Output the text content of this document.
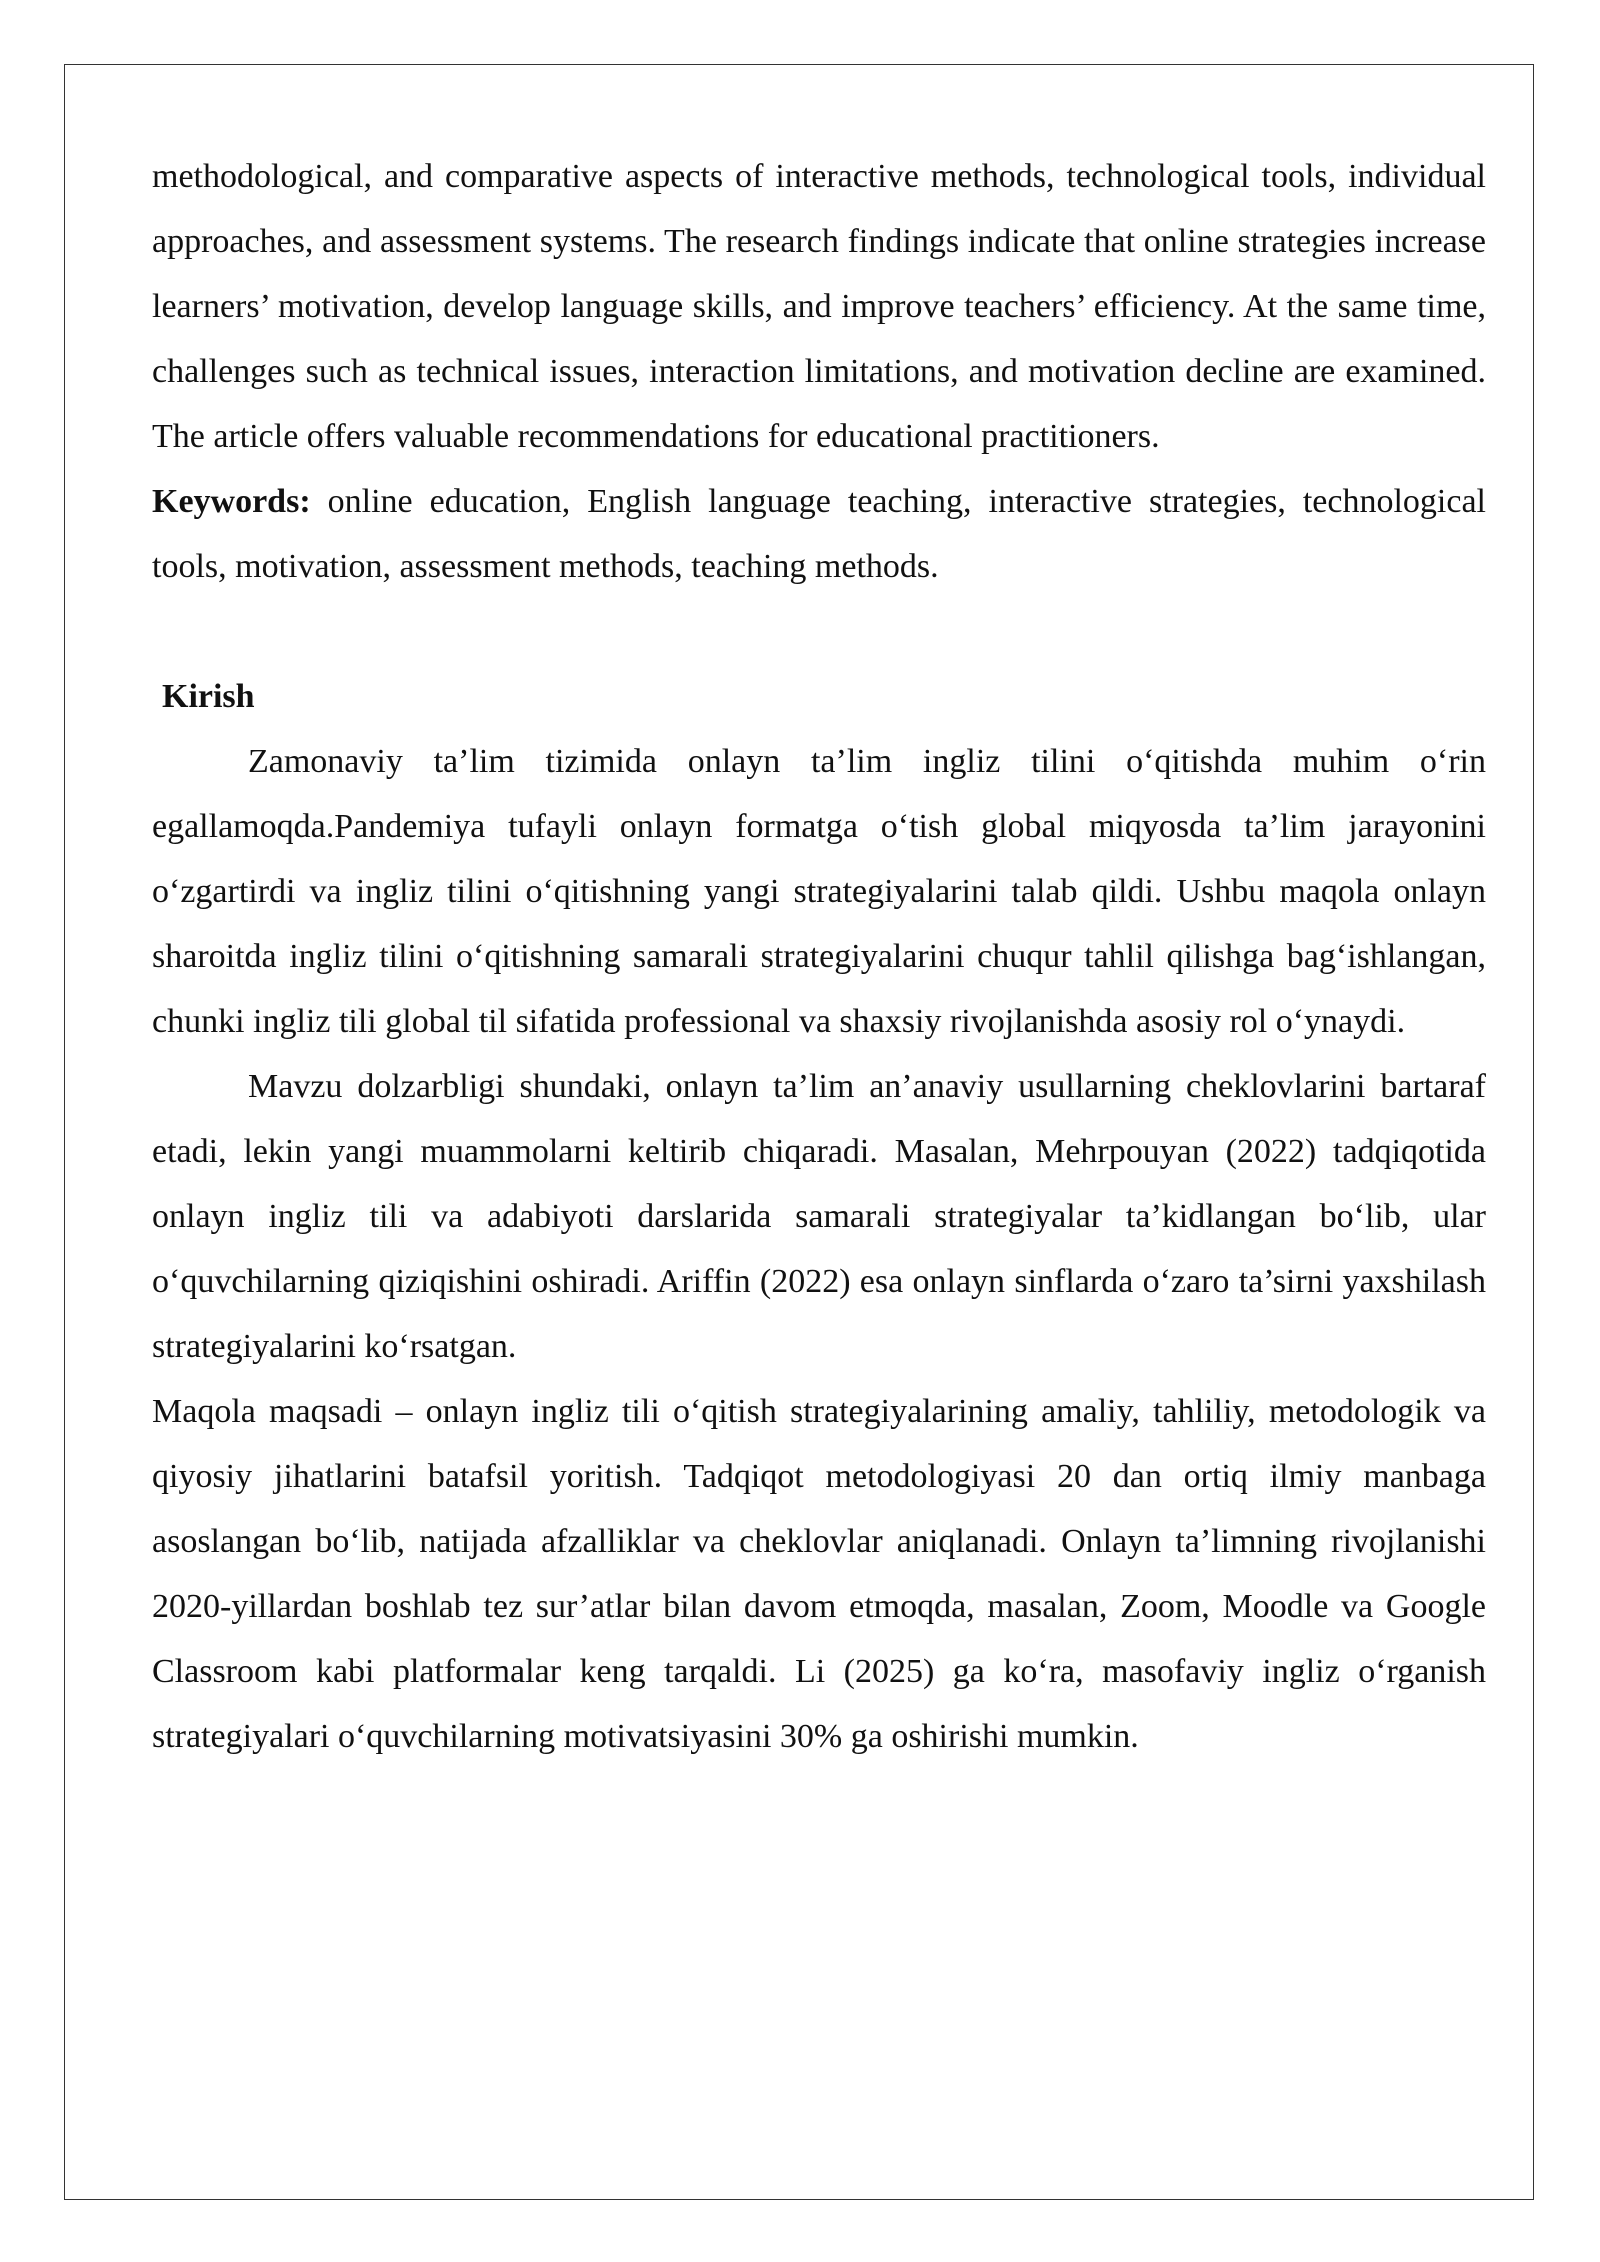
methodological, and comparative aspects of interactive methods, technological tools, individual approaches, and assessment systems. The research findings indicate that online strategies increase learners’ motivation, develop language skills, and improve teachers’ efficiency. At the same time, challenges such as technical issues, interaction limitations, and motivation decline are examined. The article offers valuable recommendations for educational practitioners.

Keywords: online education, English language teaching, interactive strategies, technological tools, motivation, assessment methods, teaching methods.

Kirish

Zamonaviy ta’lim tizimida onlayn ta’lim ingliz tilini o‘qitishda muhim o‘rin egallamoqda.Pandemiya tufayli onlayn formatga o‘tish global miqyosda ta’lim jarayonini o‘zgartirdi va ingliz tilini o‘qitishning yangi strategiyalarini talab qildi. Ushbu maqola onlayn sharoitda ingliz tilini o‘qitishning samarali strategiyalarini chuqur tahlil qilishga bag‘ishlangan, chunki ingliz tili global til sifatida professional va shaxsiy rivojlanishda asosiy rol o‘ynaydi.

Mavzu dolzarbligi shundaki, onlayn ta’lim an’anaviy usullarning cheklovlarini bartaraf etadi, lekin yangi muammolarni keltirib chiqaradi. Masalan, Mehrpouyan (2022) tadqiqotida onlayn ingliz tili va adabiyoti darslarida samarali strategiyalar ta’kidlangan bo‘lib, ular o‘quvchilarning qiziqishini oshiradi. Ariffin (2022) esa onlayn sinflarda o‘zaro ta’sirni yaxshilash strategiyalarini ko‘rsatgan.

Maqola maqsadi – onlayn ingliz tili o‘qitish strategiyalarining amaliy, tahliliy, metodologik va qiyosiy jihatlarini batafsil yoritish. Tadqiqot metodologiyasi 20 dan ortiq ilmiy manbaga asoslangan bo‘lib, natijada afzalliklar va cheklovlar aniqlanadi. Onlayn ta’limning rivojlanishi 2020-yillardan boshlab tez sur’atlar bilan davom etmoqda, masalan, Zoom, Moodle va Google Classroom kabi platformalar keng tarqaldi. Li (2025) ga ko‘ra, masofaviy ingliz o‘rganish strategiyalari o‘quvchilarning motivatsiyasini 30% ga oshirishi mumkin.
